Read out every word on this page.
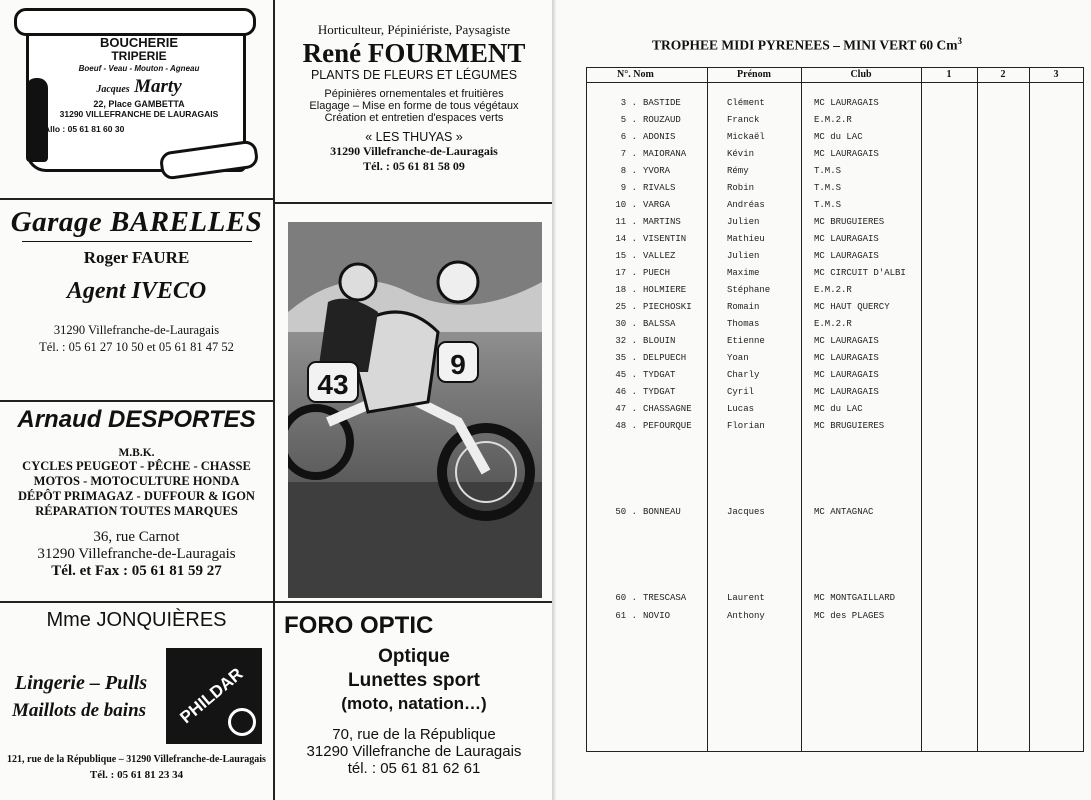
BOUCHERIE
TRIPERIE
Boeuf - Veau - Mouton - Agneau
Jacques Marty
22, Place GAMBETTA
31290 VILLEFRANCHE DE LAURAGAIS
Allo : 05 61 81 60 30
Horticulteur, Pépiniériste, Paysagiste
René FOURMENT
PLANTS DE FLEURS ET LÉGUMES
Pépinières ornementales et fruitières
Elagage – Mise en forme de tous végétaux
Création et entretien d'espaces verts
« LES THUYAS »
31290 Villefranche-de-Lauragais
Tél. : 05 61 81 58 09
Garage BARELLES
Roger FAURE
Agent IVECO
31290 Villefranche-de-Lauragais
Tél. : 05 61 27 10 50 et 05 61 81 47 52
Arnaud DESPORTES
M.B.K.
CYCLES PEUGEOT - PÊCHE - CHASSE
MOTOS - MOTOCULTURE HONDA
DÉPÔT PRIMAGAZ - DUFFOUR & IGON
RÉPARATION TOUTES MARQUES
36, rue Carnot
31290 Villefranche-de-Lauragais
Tél. et Fax : 05 61 81 59 27
Mme JONQUIÈRES
Lingerie – Pulls
Maillots de bains	PHILDAR
121, rue de la République – 31290 Villefranche-de-Lauragais
Tél. : 05 61 81 23 34
FORO OPTIC
Optique
Lunettes sport
(moto, natation…)
70, rue de la République
31290 Villefranche de Lauragais
tél. : 05 61 81 62 61
43
9
TROPHEE MIDI PYRENEES – MINI VERT 60 Cm$^3$
N°. Nom	Prénom	Club	1	2	3
3 . BASTIDE	Clément	MC LAURAGAIS
5 . ROUZAUD	Franck	E.M.2.R
6 . ADONIS	Mickaël	MC du LAC
7 . MAIORANA	Kévin	MC LAURAGAIS
8 . YVORA	Rémy	T.M.S
9 . RIVALS	Robin	T.M.S
10 . VARGA	Andréas	T.M.S
11 . MARTINS	Julien	MC BRUGUIERES
14 . VISENTIN	Mathieu	MC LAURAGAIS
15 . VALLEZ	Julien	MC LAURAGAIS
17 . PUECH	Maxime	MC CIRCUIT D'ALBI
18 . HOLMIERE	Stéphane	E.M.2.R
25 . PIECHOSKI	Romain	MC HAUT QUERCY
30 . BALSSA	Thomas	E.M.2.R
32 . BLOUIN	Etienne	MC LAURAGAIS
35 . DELPUECH	Yoan	MC LAURAGAIS
45 . TYDGAT	Charly	MC LAURAGAIS
46 . TYDGAT	Cyril	MC LAURAGAIS
47 . CHASSAGNE	Lucas	MC du LAC
48 . PEFOURQUE	Florian	MC BRUGUIERES
50 . BONNEAU	Jacques	MC ANTAGNAC
60 . TRESCASA	Laurent	MC MONTGAILLARD
61 . NOVIO	Anthony	MC des PLAGES
